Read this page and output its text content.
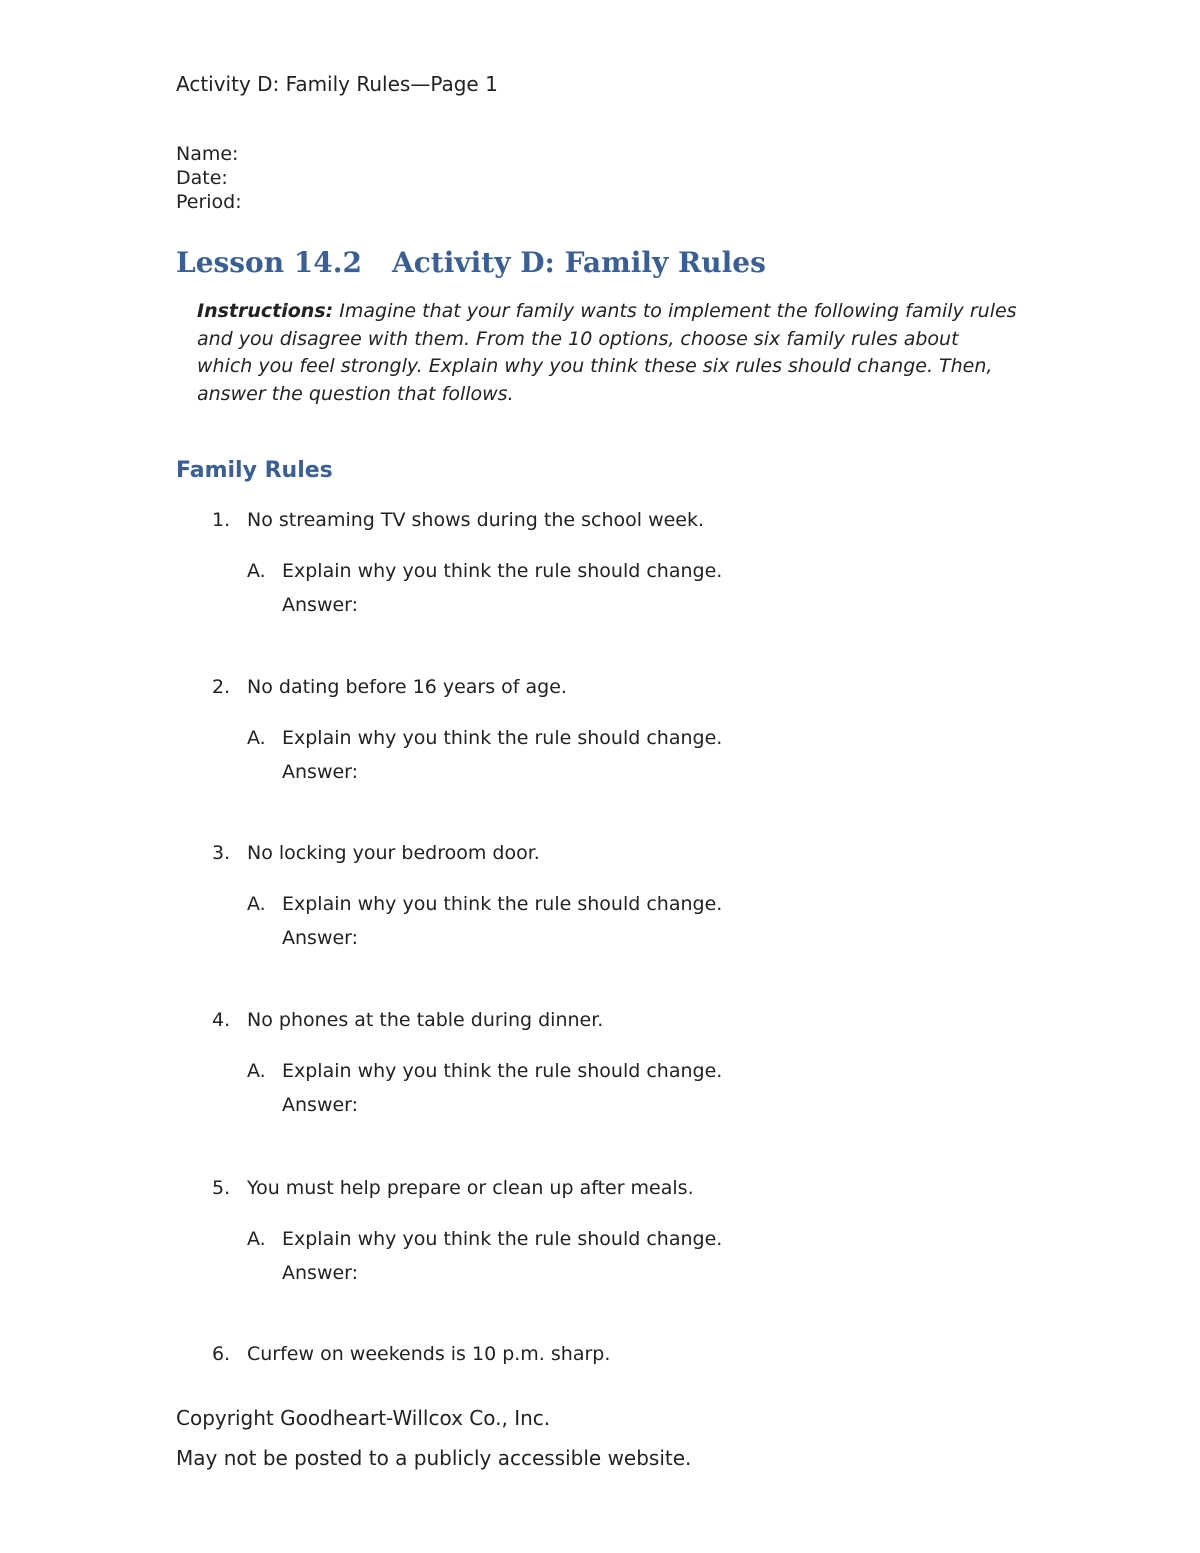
Activity D: Family Rules—Page 1
Name:
Date:
Period:
Lesson 14.2 Activity D: Family Rules
Instructions: Imagine that your family wants to implement the following family rules and you disagree with them. From the 10 options, choose six family rules about which you feel strongly. Explain why you think these six rules should change. Then, answer the question that follows.
Family Rules
1. No streaming TV shows during the school week.
A. Explain why you think the rule should change.
Answer:
2. No dating before 16 years of age.
A. Explain why you think the rule should change.
Answer:
3. No locking your bedroom door.
A. Explain why you think the rule should change.
Answer:
4. No phones at the table during dinner.
A. Explain why you think the rule should change.
Answer:
5. You must help prepare or clean up after meals.
A. Explain why you think the rule should change.
Answer:
6. Curfew on weekends is 10 p.m. sharp.
Copyright Goodheart-Willcox Co., Inc.
May not be posted to a publicly accessible website.
